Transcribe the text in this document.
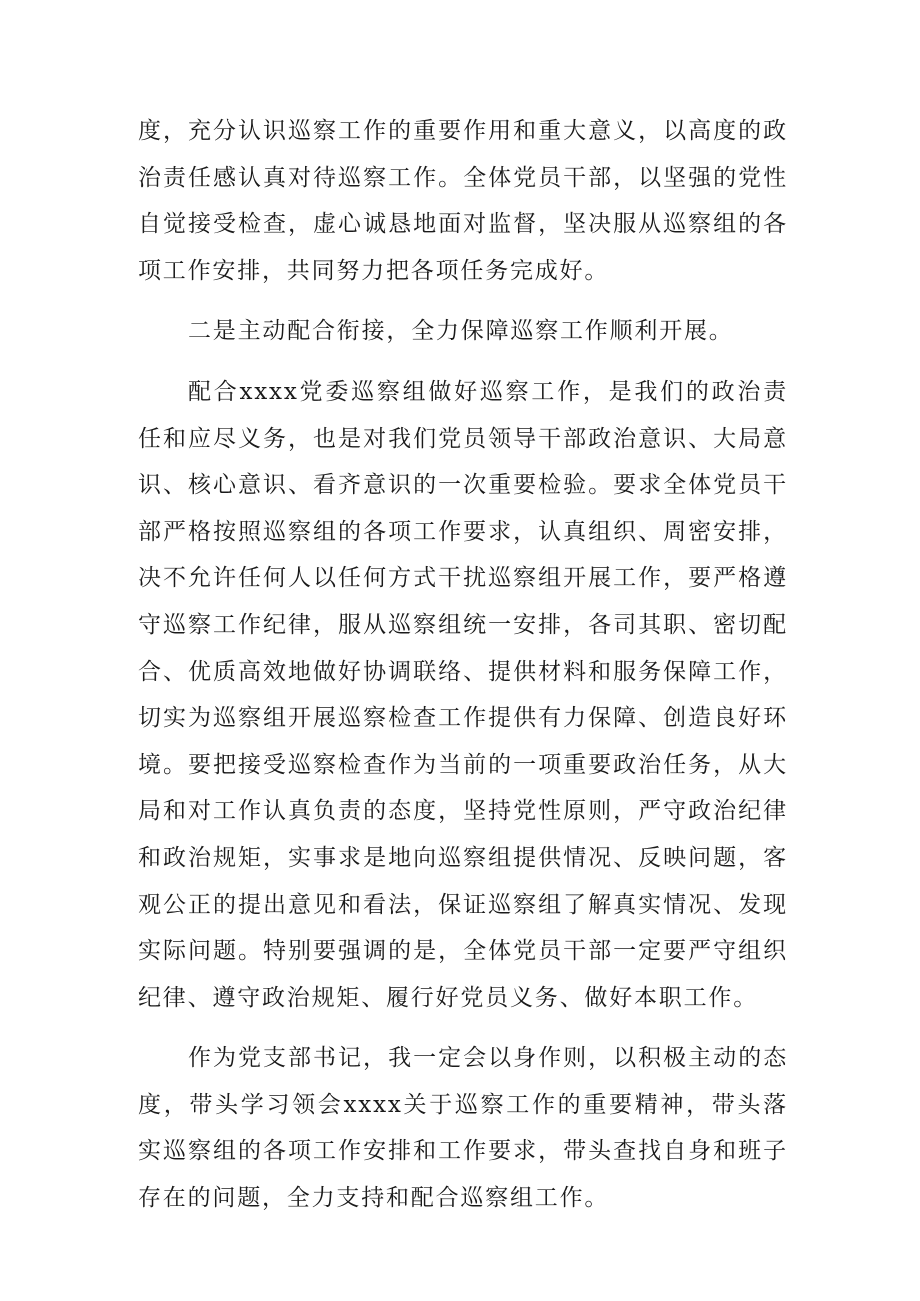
度，充分认识巡察工作的重要作用和重大意义，以高度的政治责任感认真对待巡察工作。全体党员干部，以坚强的党性自觉接受检查，虚心诚恳地面对监督，坚决服从巡察组的各项工作安排，共同努力把各项任务完成好。

二是主动配合衔接，全力保障巡察工作顺利开展。

配合xxxx党委巡察组做好巡察工作，是我们的政治责任和应尽义务，也是对我们党员领导干部政治意识、大局意识、核心意识、看齐意识的一次重要检验。要求全体党员干部严格按照巡察组的各项工作要求，认真组织、周密安排，决不允许任何人以任何方式干扰巡察组开展工作，要严格遵守巡察工作纪律，服从巡察组统一安排，各司其职、密切配合、优质高效地做好协调联络、提供材料和服务保障工作，切实为巡察组开展巡察检查工作提供有力保障、创造良好环境。要把接受巡察检查作为当前的一项重要政治任务，从大局和对工作认真负责的态度，坚持党性原则，严守政治纪律和政治规矩，实事求是地向巡察组提供情况、反映问题，客观公正的提出意见和看法，保证巡察组了解真实情况、发现实际问题。特别要强调的是，全体党员干部一定要严守组织纪律、遵守政治规矩、履行好党员义务、做好本职工作。

作为党支部书记，我一定会以身作则，以积极主动的态度，带头学习领会xxxx关于巡察工作的重要精神，带头落实巡察组的各项工作安排和工作要求，带头查找自身和班子存在的问题，全力支持和配合巡察组工作。
